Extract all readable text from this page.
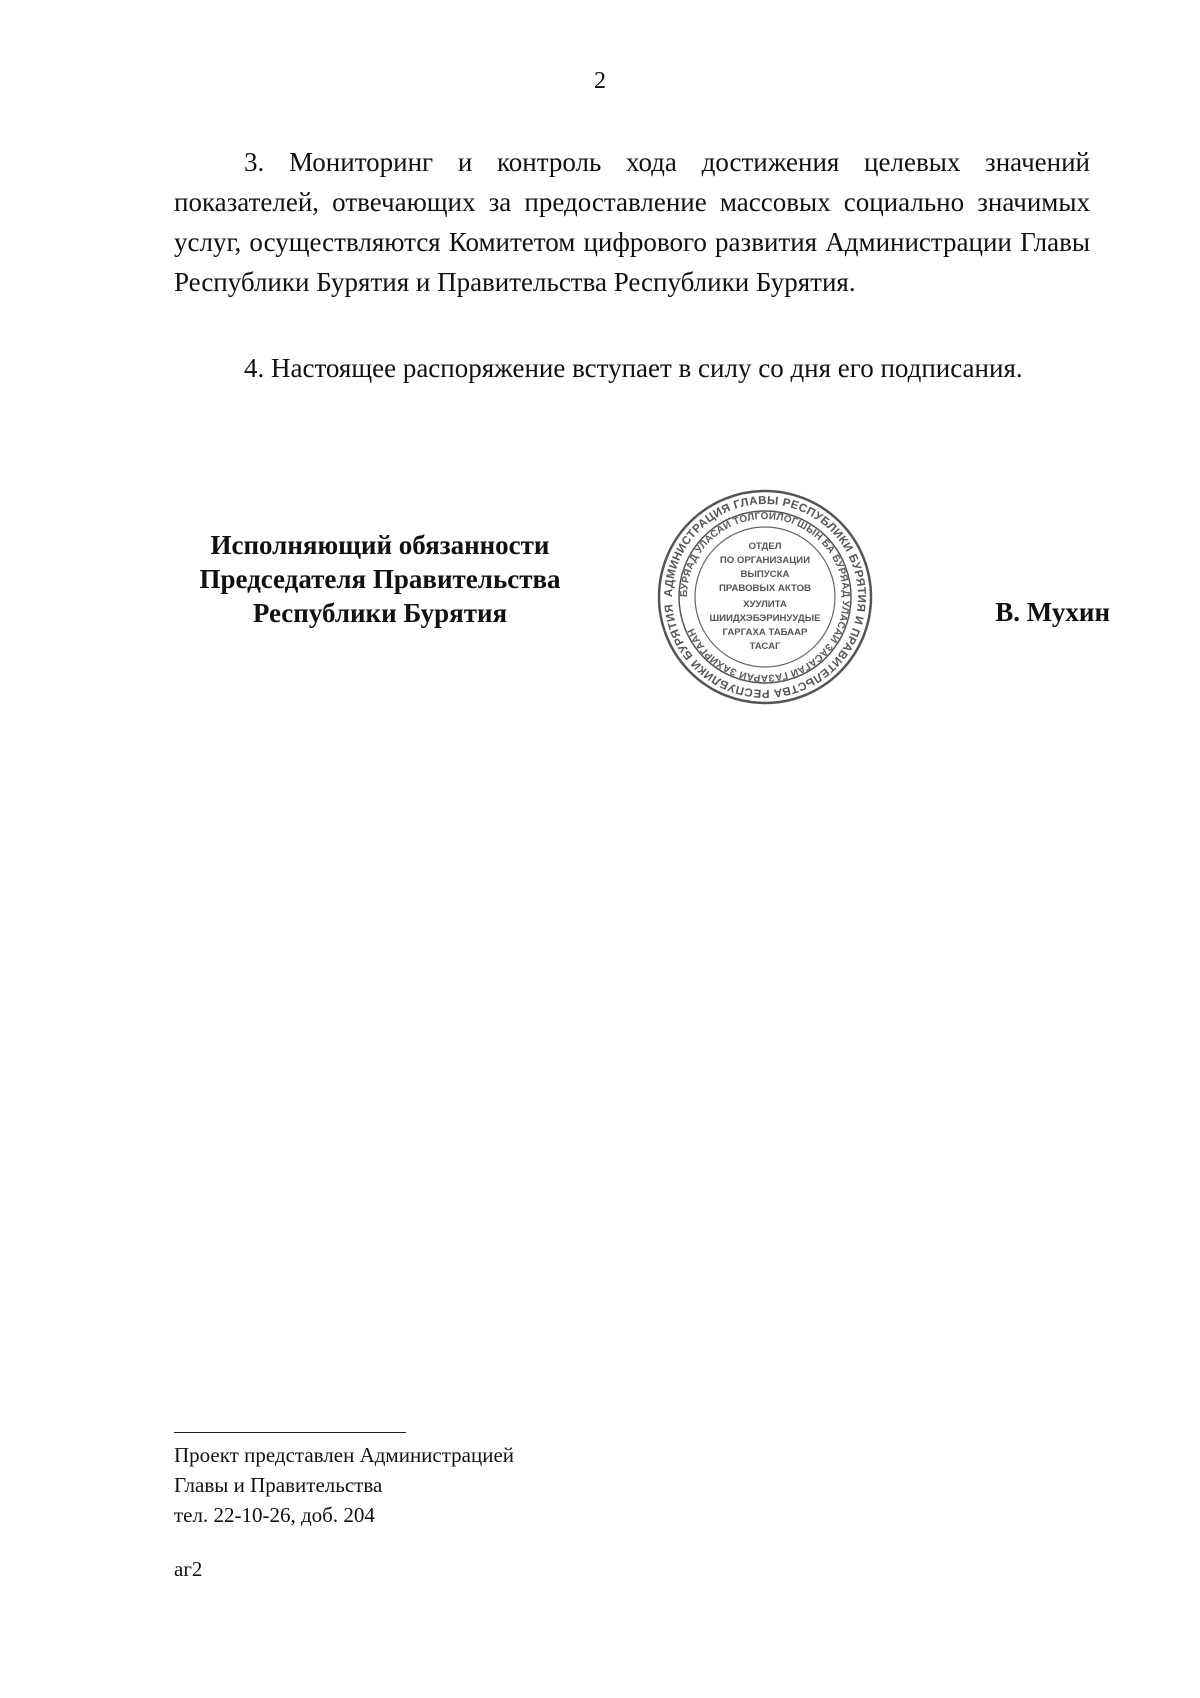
2

3. Мониторинг и контроль хода достижения целевых значений показателей, отвечающих за предоставление массовых социально значимых услуг, осуществляются Комитетом цифрового развития Администрации Главы Республики Бурятия и Правительства Республики Бурятия.

4. Настоящее распоряжение вступает в силу со дня его подписания.

Исполняющий обязанности
Председателя Правительства
Республики Бурятия
АДМИНИСТРАЦИЯ ГЛАВЫ РЕСПУБЛИКИ БУРЯТИЯ И ПРАВИТЕЛЬСТВА РЕСПУБЛИКИ БУРЯТИЯ
БУРЯАД УЛАСАЙ ТОЛГОЙЛОГШЫН БА БУРЯАД УЛАСАЙ ЗАСАГАЙ ГАЗАРАЙ ЗАХИРГААН
ОТДЕЛ
ПО ОРГАНИЗАЦИИ
ВЫПУСКА
ПРАВОВЫХ АКТОВ
ХУУЛИТА
ШИИДХЭБЭРИНУУДЫЕ
ГАРГАХА ТАБААР
ТАСАГ
В. Мухин
Проект представлен Администрацией
Главы и Правительства
тел. 22-10-26, доб. 204
аг2
